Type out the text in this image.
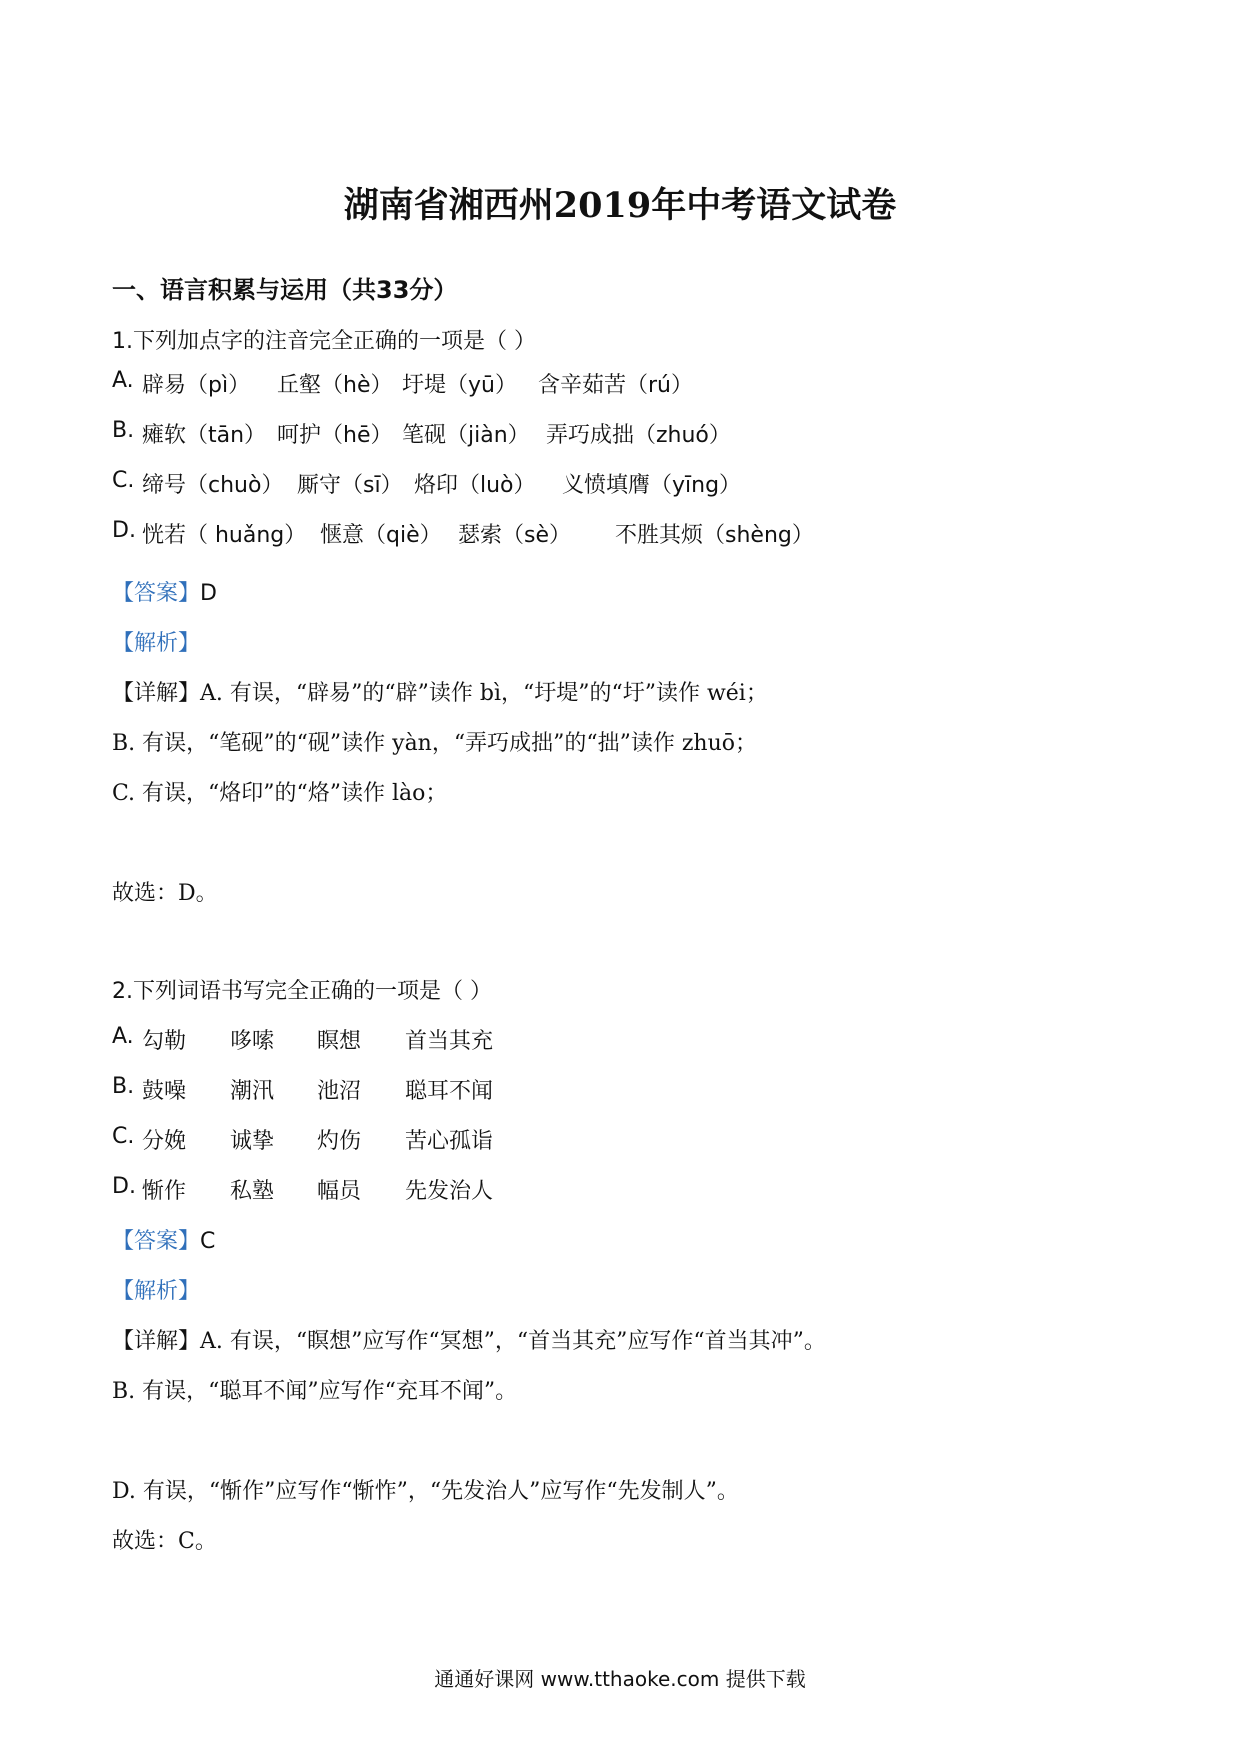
湖南省湘西州2019年中考语文试卷
一、语言积累与运用（共33分）
1.下列加点字的注音完全正确的一项是（ ）
A. 辟易（pì） 丘壑（hè） 圩堤（yū） 含辛茹苦（rú）
B. 瘫软（tān） 呵护（hē） 笔砚（jiàn） 弄巧成拙（zhuó）
C. 缔号（chuò） 厮守（sī） 烙印（luò） 义愤填膺（yīng）
D. 恍若（ huǎng） 惬意（qiè） 瑟索（sè） 不胜其烦（shèng）
【答案】D
【解析】
【详解】A. 有误，“辟易”的“辟”读作 bì，“圩堤”的“圩”读作 wéi；
B. 有误，“笔砚”的“砚”读作 yàn，“弄巧成拙”的“拙”读作 zhuō；
C. 有误，“烙印”的“烙”读作 lào；
故选：D。
2.下列词语书写完全正确的一项是（ ）
A. 勾勒 哆嗦 瞑想 首当其充
B. 鼓噪 潮汛 池沼 聪耳不闻
C. 分娩 诚挚 灼伤 苦心孤诣
D. 惭作 私塾 幅员 先发治人
【答案】C
【解析】
【详解】A. 有误，“瞑想”应写作“冥想”，“首当其充”应写作“首当其冲”。
B. 有误，“聪耳不闻”应写作“充耳不闻”。
D. 有误，“惭作”应写作“惭怍”，“先发治人”应写作“先发制人”。
故选：C。
通通好课网 www.tthaoke.com 提供下载
